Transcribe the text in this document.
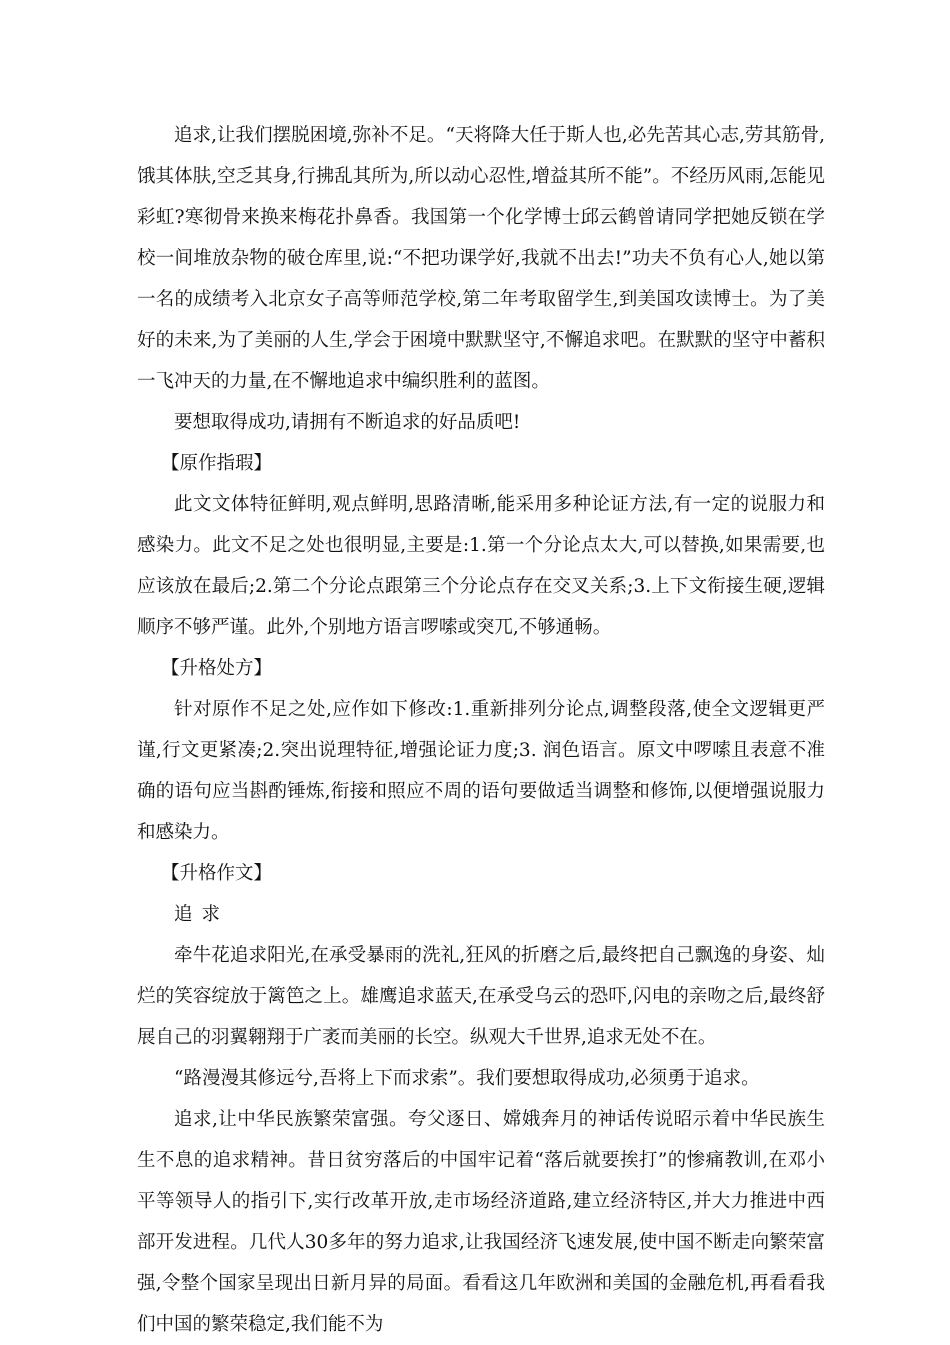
追求,让我们摆脱困境,弥补不足。“天将降大任于斯人也,必先苦其心志,劳其筋骨,饿其体肤,空乏其身,行拂乱其所为,所以动心忍性,增益其所不能”。不经历风雨,怎能见彩虹?寒彻骨来换来梅花扑鼻香。我国第一个化学博士邱云鹤曾请同学把她反锁在学校一间堆放杂物的破仓库里,说:“不把功课学好,我就不出去!”功夫不负有心人,她以第一名的成绩考入北京女子高等师范学校,第二年考取留学生,到美国攻读博士。为了美好的未来,为了美丽的人生,学会于困境中默默坚守,不懈追求吧。在默默的坚守中蓄积一飞冲天的力量,在不懈地追求中编织胜利的蓝图。

要想取得成功,请拥有不断追求的好品质吧!

【原作指瑕】

此文文体特征鲜明,观点鲜明,思路清晰,能采用多种论证方法,有一定的说服力和感染力。此文不足之处也很明显,主要是:1.第一个分论点太大,可以替换,如果需要,也应该放在最后;2.第二个分论点跟第三个分论点存在交叉关系;3.上下文衔接生硬,逻辑顺序不够严谨。此外,个别地方语言啰嗦或突兀,不够通畅。

【升格处方】

针对原作不足之处,应作如下修改:1.重新排列分论点,调整段落,使全文逻辑更严谨,行文更紧凑;2.突出说理特征,增强论证力度;3. 润色语言。原文中啰嗦且表意不准确的语句应当斟酌锤炼,衔接和照应不周的语句要做适当调整和修饰,以便增强说服力和感染力。

【升格作文】

追求

牵牛花追求阳光,在承受暴雨的洗礼,狂风的折磨之后,最终把自己飘逸的身姿、灿烂的笑容绽放于篱笆之上。雄鹰追求蓝天,在承受乌云的恐吓,闪电的亲吻之后,最终舒展自己的羽翼翱翔于广袤而美丽的长空。纵观大千世界,追求无处不在。

“路漫漫其修远兮,吾将上下而求索”。我们要想取得成功,必须勇于追求。

追求,让中华民族繁荣富强。夸父逐日、嫦娥奔月的神话传说昭示着中华民族生生不息的追求精神。昔日贫穷落后的中国牢记着“落后就要挨打”的惨痛教训,在邓小平等领导人的指引下,实行改革开放,走市场经济道路,建立经济特区,并大力推进中西部开发进程。几代人30多年的努力追求,让我国经济飞速发展,使中国不断走向繁荣富强,令整个国家呈现出日新月异的局面。看看这几年欧洲和美国的金融危机,再看看我们中国的繁荣稳定,我们能不为
